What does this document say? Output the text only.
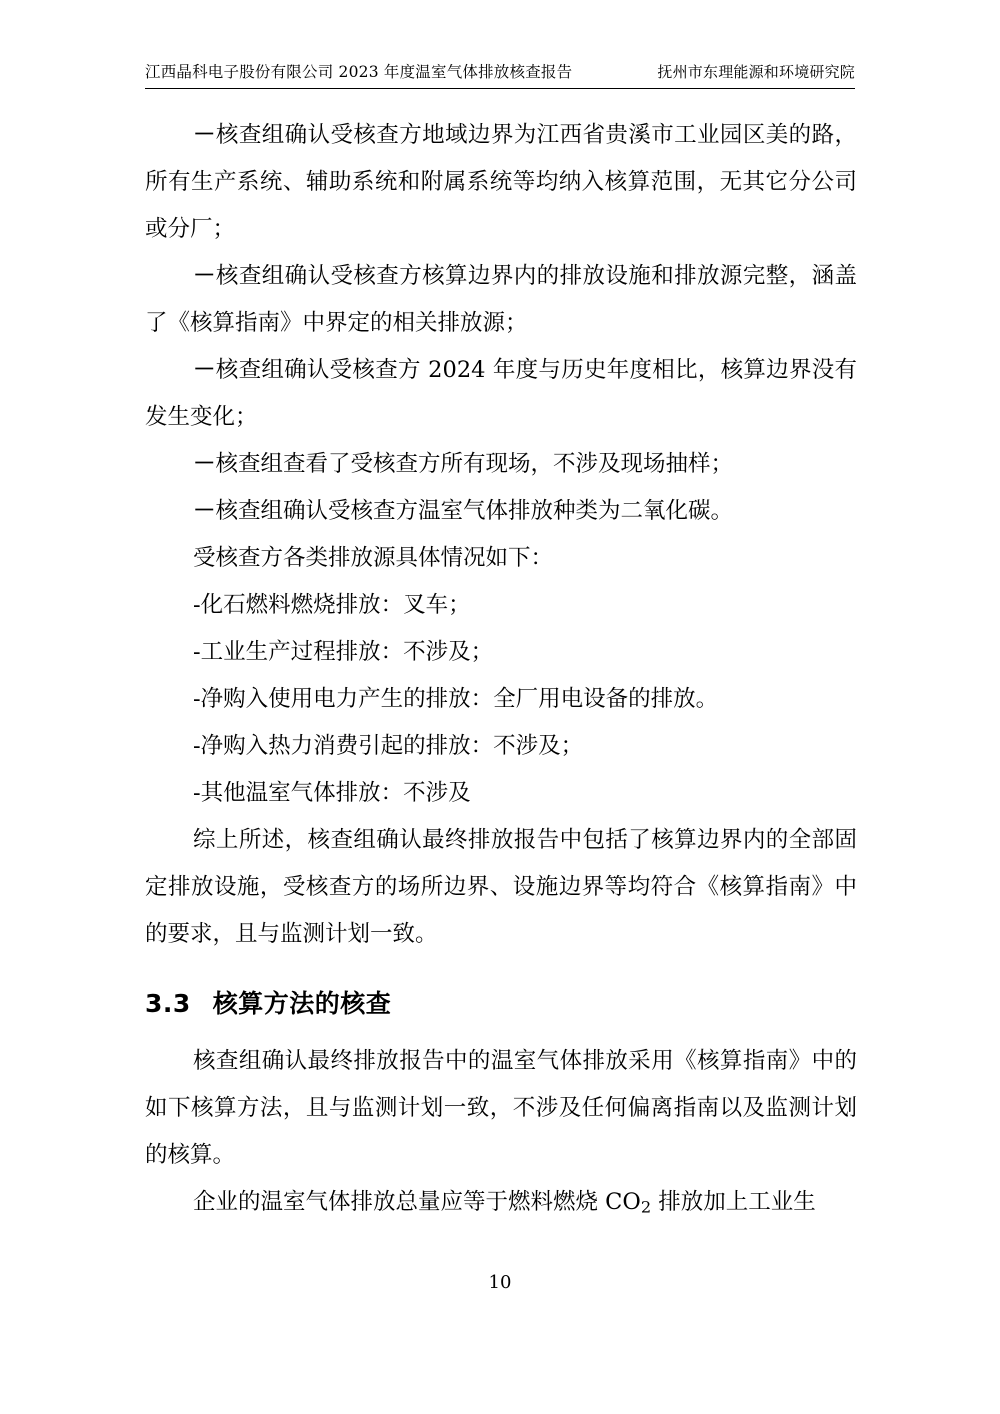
江西晶科电子股份有限公司 2023 年度温室气体排放核查报告	抚州市东理能源和环境研究院

－核查组确认受核查方地域边界为江西省贵溪市工业园区美的路，所有生产系统、辅助系统和附属系统等均纳入核算范围，无其它分公司或分厂；

－核查组确认受核查方核算边界内的排放设施和排放源完整，涵盖了《核算指南》中界定的相关排放源；

－核查组确认受核查方 2024 年度与历史年度相比，核算边界没有发生变化；

－核查组查看了受核查方所有现场，不涉及现场抽样；

－核查组确认受核查方温室气体排放种类为二氧化碳。

受核查方各类排放源具体情况如下：

-化石燃料燃烧排放：叉车；

-工业生产过程排放：不涉及；

-净购入使用电力产生的排放：全厂用电设备的排放。

-净购入热力消费引起的排放：不涉及；

-其他温室气体排放：不涉及

综上所述，核查组确认最终排放报告中包括了核算边界内的全部固定排放设施，受核查方的场所边界、设施边界等均符合《核算指南》中的要求，且与监测计划一致。

3.3 核算方法的核查

核查组确认最终排放报告中的温室气体排放采用《核算指南》中的如下核算方法，且与监测计划一致，不涉及任何偏离指南以及监测计划的核算。

企业的温室气体排放总量应等于燃料燃烧 $CO_2$ 排放加上工业生

10
